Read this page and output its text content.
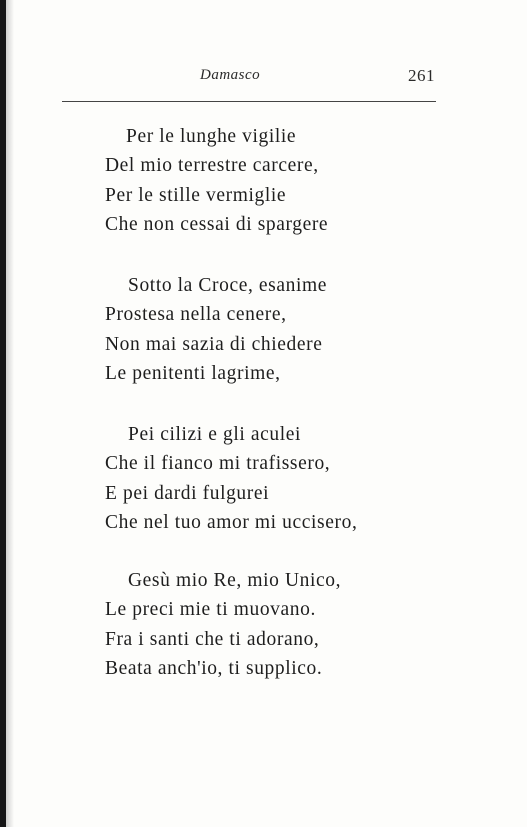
Damasco	261
Per le lunghe vigilie
Del mio terrestre carcere,
Per le stille vermiglie
Che non cessai di spargere
Sotto la Croce, esanime
Prostesa nella cenere,
Non mai sazia di chiedere
Le penitenti lagrime,
Pei cilizi e gli aculei
Che il fianco mi trafissero,
E pei dardi fulgurei
Che nel tuo amor mi uccisero,
Gesù mio Re, mio Unico,
Le preci mie ti muovano.
Fra i santi che ti adorano,
Beata anch'io, ti supplico.
